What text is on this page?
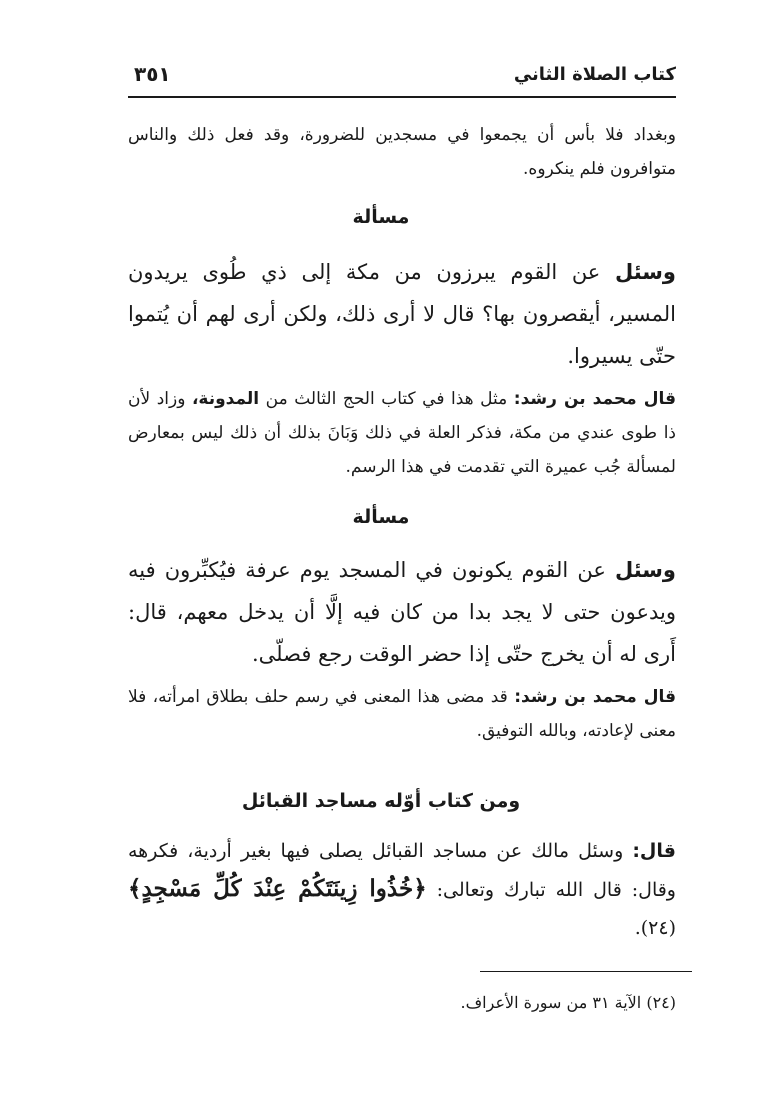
كتاب الصلاة الثاني
٣٥١
وبغداد فلا بأس أن يجمعوا في مسجدين للضرورة، وقد فعل ذلك والناس متوافرون فلم ينكروه.
مسألة
وسئل عن القوم يبرزون من مكة إلى ذي طُوى يريدون المسير، أيقصرون بها؟ قال لا أرى ذلك، ولكن أرى لهم أن يُتموا حتّى يسيروا.
قال محمد بن رشد: مثل هذا في كتاب الحج الثالث من المدونة، وزاد لأن ذا طوى عندي من مكة، فذكر العلة في ذلك وَبَانَ بذلك أن ذلك ليس بمعارض لمسألة جُب عميرة التي تقدمت في هذا الرسم.
مسألة
وسئل عن القوم يكونون في المسجد يوم عرفة فيُكبِّرون فيه ويدعون حتى لا يجد بدا من كان فيه إلَّا أن يدخل معهم، قال: أَرى له أن يخرج حتّى إذا حضر الوقت رجع فصلّى.
قال محمد بن رشد: قد مضى هذا المعنى في رسم حلف بطلاق امرأته، فلا معنى لإعادته، وبالله التوفيق.
ومن كتاب أوّله مساجد القبائل
قال: وسئل مالك عن مساجد القبائل يصلى فيها بغير أردية، فكرهه وقال: قال الله تبارك وتعالى: ﴿خُذُوا زِينَتَكُمْ عِنْدَ كُلِّ مَسْجِدٍ﴾(٢٤).
(٢٤) الآية ٣١ من سورة الأعراف.
